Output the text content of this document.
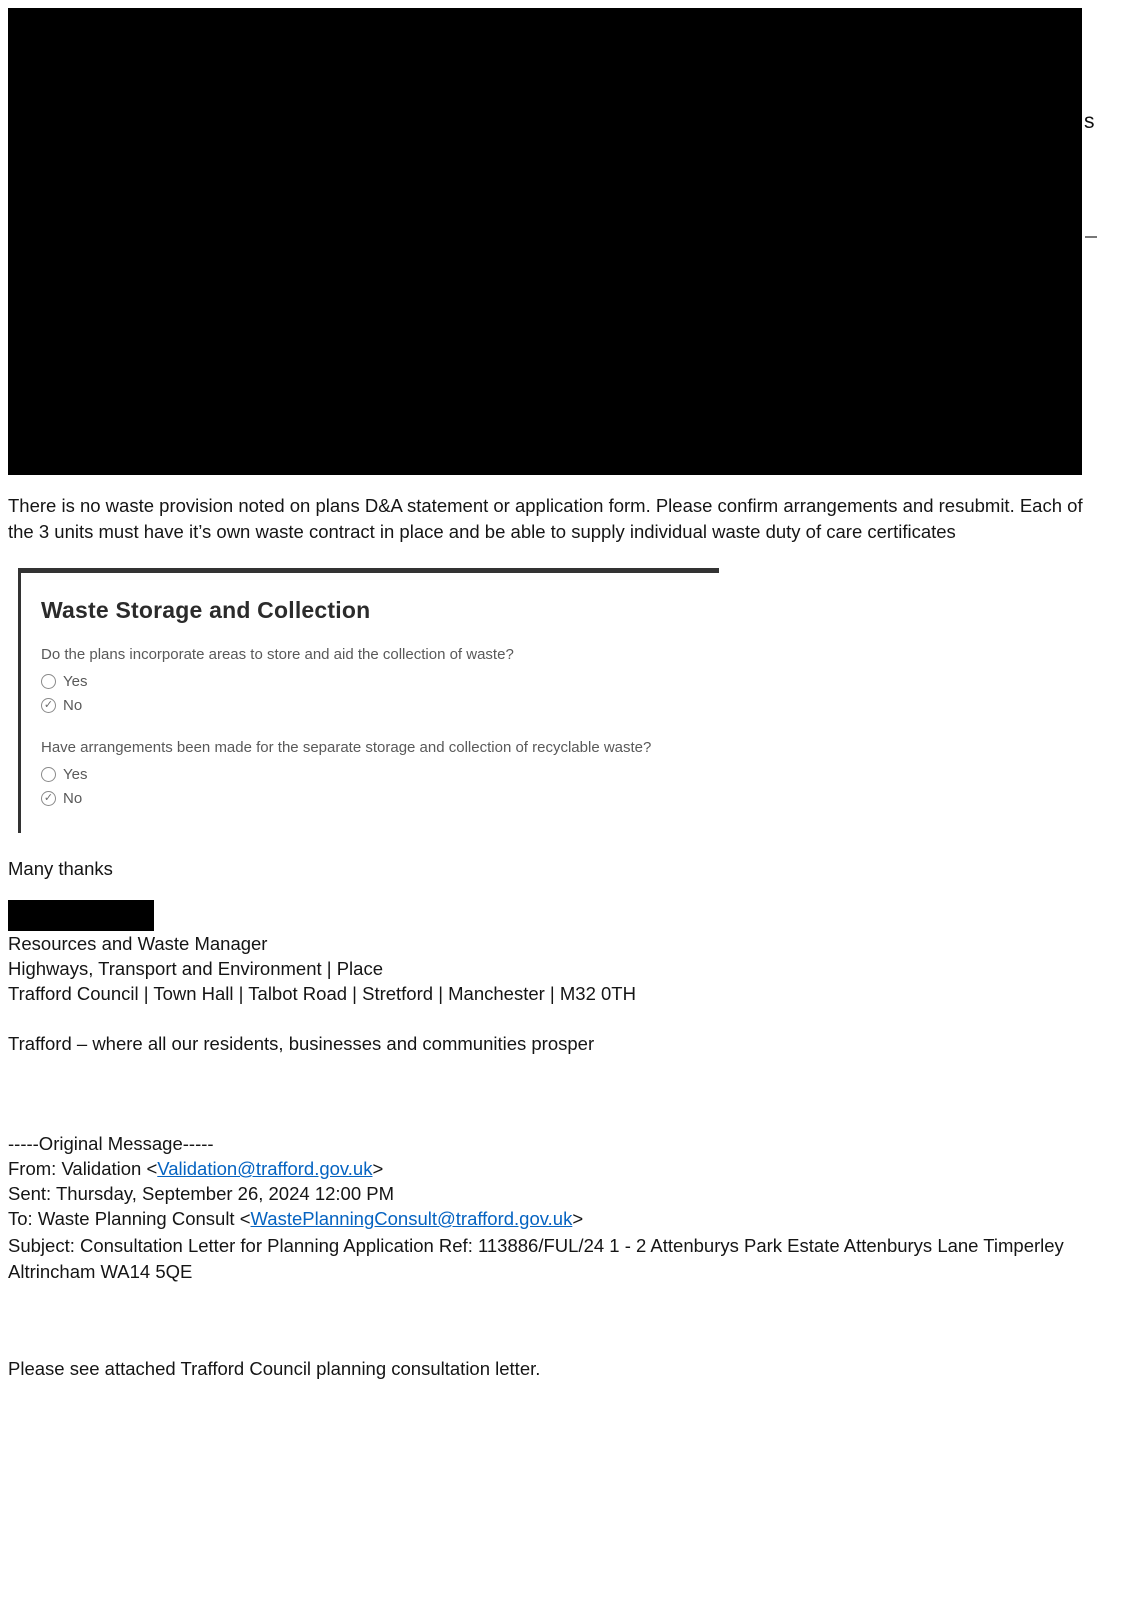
s
There is no waste provision noted on plans D&A statement or application form. Please confirm arrangements and resubmit. Each of the 3 units must have it’s own waste contract in place and be able to supply individual waste duty of care certificates
Waste Storage and Collection
Do the plans incorporate areas to store and aid the collection of waste?
Yes
✓ No
Have arrangements been made for the separate storage and collection of recyclable waste?
Yes
✓ No
Many thanks
Resources and Waste Manager
Highways, Transport and Environment | Place
Trafford Council | Town Hall | Talbot Road | Stretford | Manchester | M32 0TH
Trafford – where all our residents, businesses and communities prosper
-----Original Message-----
From: Validation <Validation@trafford.gov.uk>
Sent: Thursday, September 26, 2024 12:00 PM
To: Waste Planning Consult <WastePlanningConsult@trafford.gov.uk>
Subject: Consultation Letter for Planning Application Ref: 113886/FUL/24 1 - 2 Attenburys Park Estate Attenburys Lane Timperley Altrincham WA14 5QE
Please see attached Trafford Council planning consultation letter.
